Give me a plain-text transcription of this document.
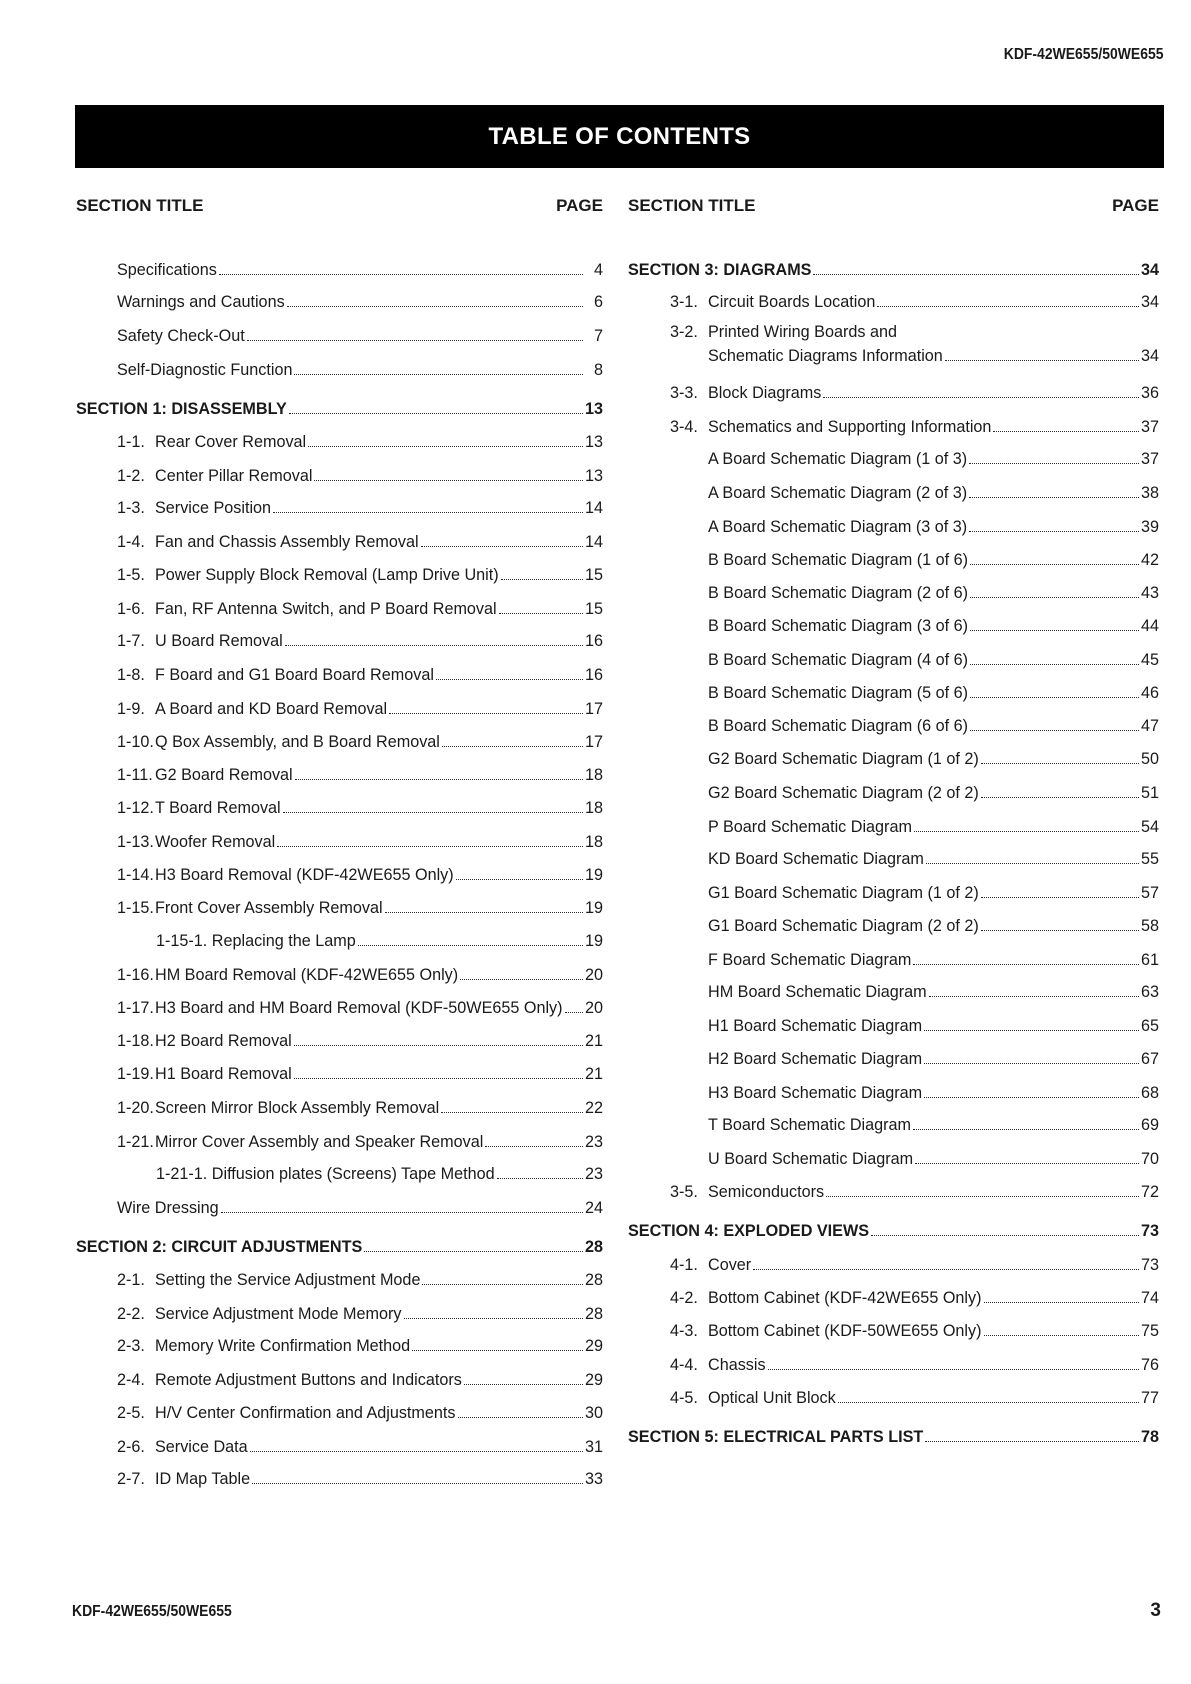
KDF-42WE655/50WE655
TABLE OF CONTENTS
SECTION TITLE	PAGE
Specifications	4
Warnings and Cautions	6
Safety Check-Out	7
Self-Diagnostic Function	8
SECTION 1: DISASSEMBLY	13
1-1. Rear Cover Removal	13
1-2. Center Pillar Removal	13
1-3. Service Position	14
1-4. Fan and Chassis Assembly Removal	14
1-5. Power Supply Block Removal (Lamp Drive Unit)	15
1-6. Fan, RF Antenna Switch, and P Board Removal	15
1-7. U Board Removal	16
1-8. F Board and G1 Board Board Removal	16
1-9. A Board and KD Board Removal	17
1-10. Q Box Assembly, and B Board Removal	17
1-11. G2 Board Removal	18
1-12. T Board Removal	18
1-13. Woofer Removal	18
1-14. H3 Board Removal (KDF-42WE655 Only)	19
1-15. Front Cover Assembly Removal	19
1-15-1. Replacing the Lamp	19
1-16. HM Board Removal (KDF-42WE655 Only)	20
1-17. H3 Board and HM Board Removal (KDF-50WE655 Only) 20
1-18. H2 Board Removal	21
1-19. H1 Board Removal	21
1-20. Screen Mirror Block Assembly Removal	22
1-21. Mirror Cover Assembly and Speaker Removal	23
1-21-1. Diffusion plates (Screens) Tape Method	23
Wire Dressing	24
SECTION 2: CIRCUIT ADJUSTMENTS	28
2-1. Setting the Service Adjustment Mode	28
2-2. Service Adjustment Mode Memory	28
2-3. Memory Write Confirmation Method	29
2-4. Remote Adjustment Buttons and Indicators	29
2-5. H/V Center Confirmation and Adjustments	30
2-6. Service Data	31
2-7. ID Map Table	33
SECTION TITLE	PAGE
SECTION 3: DIAGRAMS	34
3-1. Circuit Boards Location	34
3-2. Printed Wiring Boards and
Schematic Diagrams Information	34
3-3. Block Diagrams	36
3-4. Schematics and Supporting Information	37
A Board Schematic Diagram (1 of 3)	37
A Board Schematic Diagram (2 of 3)	38
A Board Schematic Diagram (3 of 3)	39
B Board Schematic Diagram (1 of 6)	42
B Board Schematic Diagram (2 of 6)	43
B Board Schematic Diagram (3 of 6)	44
B Board Schematic Diagram (4 of 6)	45
B Board Schematic Diagram (5 of 6)	46
B Board Schematic Diagram (6 of 6)	47
G2 Board Schematic Diagram (1 of 2)	50
G2 Board Schematic Diagram (2 of 2)	51
P Board Schematic Diagram	54
KD Board Schematic Diagram	55
G1 Board Schematic Diagram (1 of 2)	57
G1 Board Schematic Diagram (2 of 2)	58
F Board Schematic Diagram	61
HM Board Schematic Diagram	63
H1 Board Schematic Diagram	65
H2 Board Schematic Diagram	67
H3 Board Schematic Diagram	68
T Board Schematic Diagram	69
U Board Schematic Diagram	70
3-5. Semiconductors	72
SECTION 4: EXPLODED VIEWS	73
4-1. Cover	73
4-2. Bottom Cabinet (KDF-42WE655 Only)	74
4-3. Bottom Cabinet (KDF-50WE655 Only)	75
4-4. Chassis	76
4-5. Optical Unit Block	77
SECTION 5: ELECTRICAL PARTS LIST	78
KDF-42WE655/50WE655	3
